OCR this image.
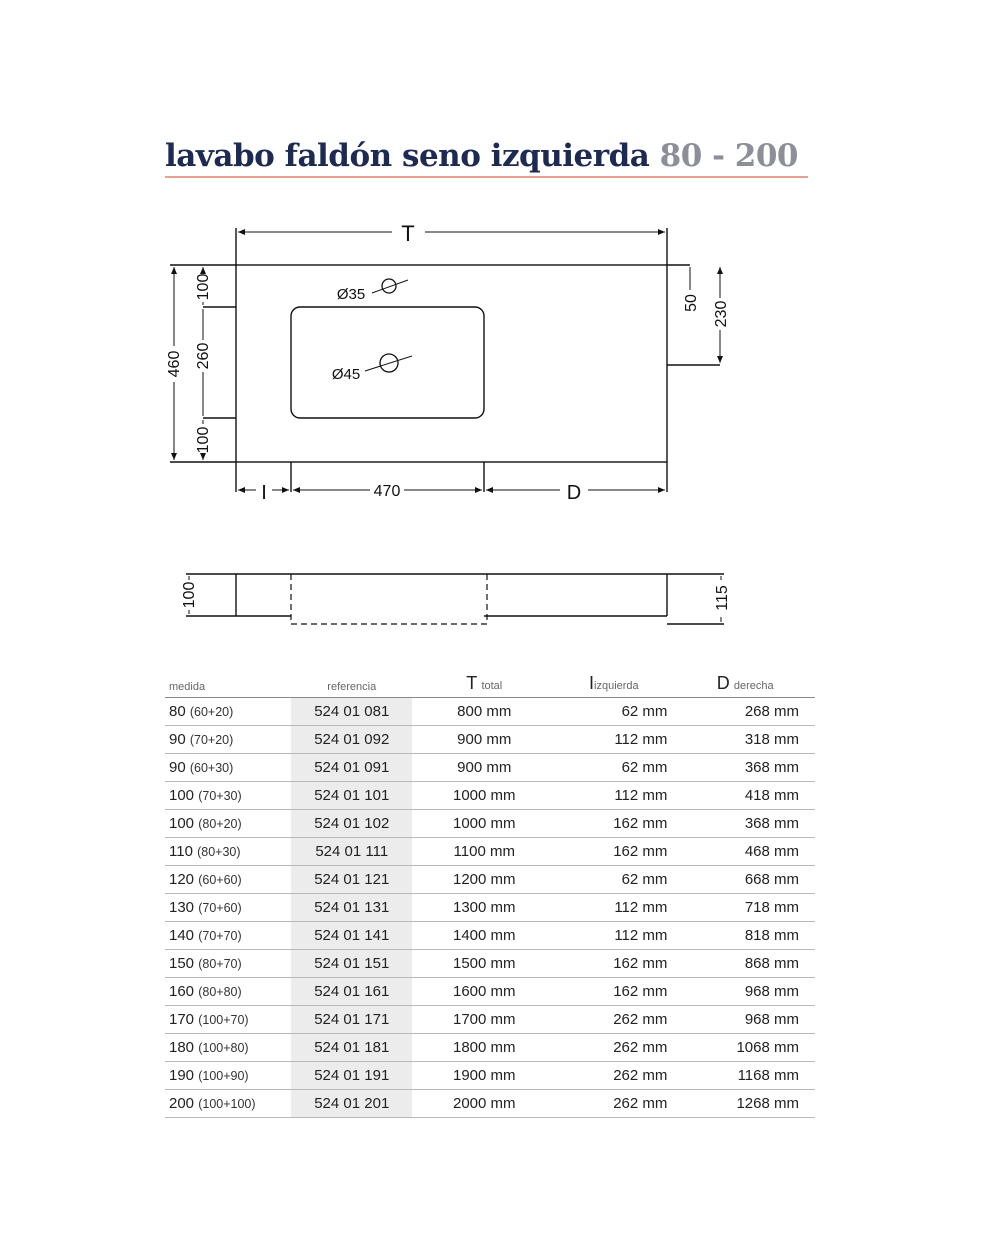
lavabo faldón seno izquierda 80 - 200
T
I	470	D
Ø35
Ø45
460
100
260
100
50 230
100	115
medida	referencia	T total	Iizquierda	D derecha
80 (60+20)	524 01 081	800 mm	62 mm	268 mm
90 (70+20)	524 01 092	900 mm	112 mm	318 mm
90 (60+30)	524 01 091	900 mm	62 mm	368 mm
100 (70+30)	524 01 101	1000 mm	112 mm	418 mm
100 (80+20)	524 01 102	1000 mm	162 mm	368 mm
110 (80+30)	524 01 111	1100 mm	162 mm	468 mm
120 (60+60)	524 01 121	1200 mm	62 mm	668 mm
130 (70+60)	524 01 131	1300 mm	112 mm	718 mm
140 (70+70)	524 01 141	1400 mm	112 mm	818 mm
150 (80+70)	524 01 151	1500 mm	162 mm	868 mm
160 (80+80)	524 01 161	1600 mm	162 mm	968 mm
170 (100+70)	524 01 171	1700 mm	262 mm	968 mm
180 (100+80)	524 01 181	1800 mm	262 mm	1068 mm
190 (100+90)	524 01 191	1900 mm	262 mm	1168 mm
200 (100+100)	524 01 201	2000 mm	262 mm	1268 mm
